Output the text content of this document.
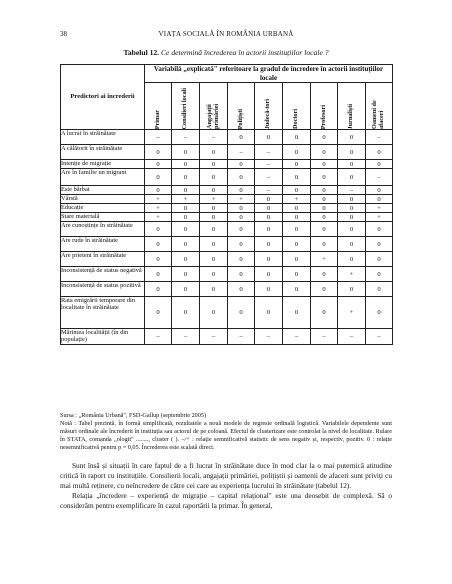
38	VIAȚA SOCIALĂ ÎN ROMÂNIA URBANĂ
Tabelul 12. Ce determină încrederea în actorii instituțiilor locale ?
Predictori ai încrederii	Variabilă „explicată" referitoare la gradul de încredere în actorii instituțiilor locale								

	Primar	Consilieri locali	Angajații primăriei	Polițiști	Judecă-tori	Doctori	Profesori	Jurnaliști	Oameni de afaceri

A lucrat în străinătate	–	–	–	0	0	0	0	0	–
A călătorit în străinătate	0	0	0	–	–	0	0	0	0
Intenție de migrație	0	0	0	0	–	0	0	0	0
Are în familie un migrant	0	0	0	0	–	0	0	0	–
Este bărbat	0	0	0	0	–	0	0	–	0
Vârstă	+	+	+	+	0	+	0	0	0
Educație	+	0	0	0	0	0	0	0	+
Stare materială	+	0	0	0	0	0	0	0	+
Are cunoștințe în străinătate	0	0	0	0	0	0	0	0	0
Are rude în străinătate	0	0	0	0	0	0	0	0	0
Are prieteni în străinătate	0	0	0	0	0	0	+	0	0
Inconsistență de status negativă	0	0	0	0	0	0	0	+	0
Inconsistență de status pozitivă	0	0	0	0	0	0	0	0	0
Rata emigrării temporare din localitate în străinătate	0	0	0	0	0	0	0	+	0
Mărimea localității (în din populație)	–	–	–	–	–	–	–	–	–
Sursa : „România Urbană", FSD-Gallup (septembrie 2005)
Notă : Tabel prezintă, în formă simplificată, rezultatele a nouă modele de regresie ordinală logistică. Variabilele dependente sunt măsuri ordinale ale încrederii în instituția sau actorul de pe coloană. Efectul de clusterizare este controlat la nivel de localitate. Rulare în STATA, comanda „ologit" ........, cluster ( ). –/+ : relație semnificativă statistic de sens negativ și, respectiv, pozitiv. 0 : relație nesemnificativă pentru p = 0,05. Încrederea este scalată direct.

Sunt însă și situații în care faptul de a fi lucrat în străinătate duce în mod clar la o mai puternică atitudine critică în raport cu instituțiile. Consilierii locali, angajații primăriei, polițiștii și oamenii de afaceri sunt priviți cu mai multă reținere, cu neîncredere de către cei care au experiența lucrului în străinătate (tabelul 12).

Relația „încredere – experiență de migrație – capital relațional" este una deosebit de complexă. Să o considerăm pentru exemplificare în cazul raportării la primar. În general,
